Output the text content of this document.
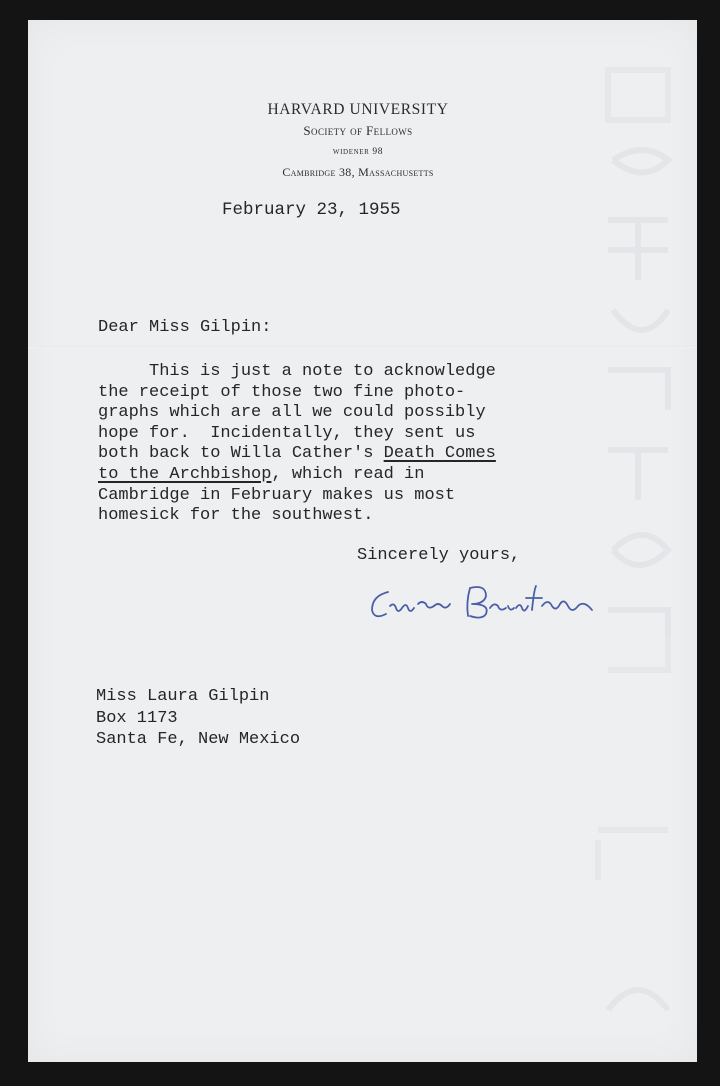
HARVARD UNIVERSITY
Society of Fellows
widener 98
Cambridge 38, Massachusetts
February 23, 1955
Dear Miss Gilpin:
This is just a note to acknowledge
the receipt of those two fine photo-
graphs which are all we could possibly
hope for.  Incidentally, they sent us
both back to Willa Cather's Death Comes
to the Archbishop, which read in
Cambridge in February makes us most
homesick for the southwest.
Sincerely yours,
Miss Laura Gilpin
Box 1173
Santa Fe, New Mexico
